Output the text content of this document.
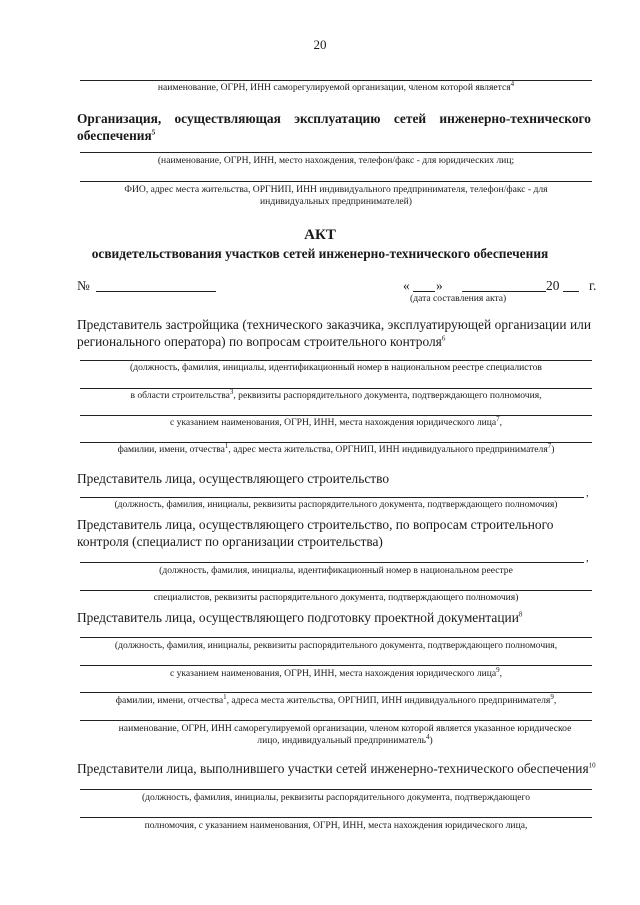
20
наименование, ОГРН, ИНН саморегулируемой организации, членом которой является$^4$
Организация, осуществляющая эксплуатацию сетей инженерно-технического
обеспечения$^5$
(наименование, ОГРН, ИНН, место нахождения, телефон/факс - для юридических лиц;
ФИО, адрес места жительства, ОРГНИП, ИНН индивидуального предпринимателя, телефон/факс - для индивидуальных предпринимателей)
АКТ
освидетельствования участков сетей инженерно-технического обеспечения
№	« »	20 г.
(дата составления акта)
Представитель застройщика (технического заказчика, эксплуатирующей организации или регионального оператора) по вопросам строительного контроля$^6$
(должность, фамилия, инициалы, идентификационный номер в национальном реестре специалистов
в области строительства$^3$, реквизиты распорядительного документа, подтверждающего полномочия,
с указанием наименования, ОГРН, ИНН, места нахождения юридического лица$^7$,
фамилии, имени, отчества$^1$, адрес места жительства, ОРГНИП, ИНН индивидуального предпринимателя$^7$)
Представитель лица, осуществляющего строительство
,
(должность, фамилия, инициалы, реквизиты распорядительного документа, подтверждающего полномочия)
Представитель лица, осуществляющего строительство, по вопросам строительного контроля (специалист по организации строительства)
,
(должность, фамилия, инициалы, идентификационный номер в национальном реестре
специалистов, реквизиты распорядительного документа, подтверждающего полномочия)
Представитель лица, осуществляющего подготовку проектной документации$^8$
(должность, фамилия, инициалы, реквизиты распорядительного документа, подтверждающего полномочия,
с указанием наименования, ОГРН, ИНН, места нахождения юридического лица$^9$,
фамилии, имени, отчества$^1$, адреса места жительства, ОРГНИП, ИНН индивидуального предпринимателя$^9$,
наименование, ОГРН, ИНН саморегулируемой организации, членом которой является указанное юридическое лицо, индивидуальный предприниматель$^4$)
Представители лица, выполнившего участки сетей инженерно-технического обеспечения$^{10}$
(должность, фамилия, инициалы, реквизиты распорядительного документа, подтверждающего
полномочия, с указанием наименования, ОГРН, ИНН, места нахождения юридического лица,
